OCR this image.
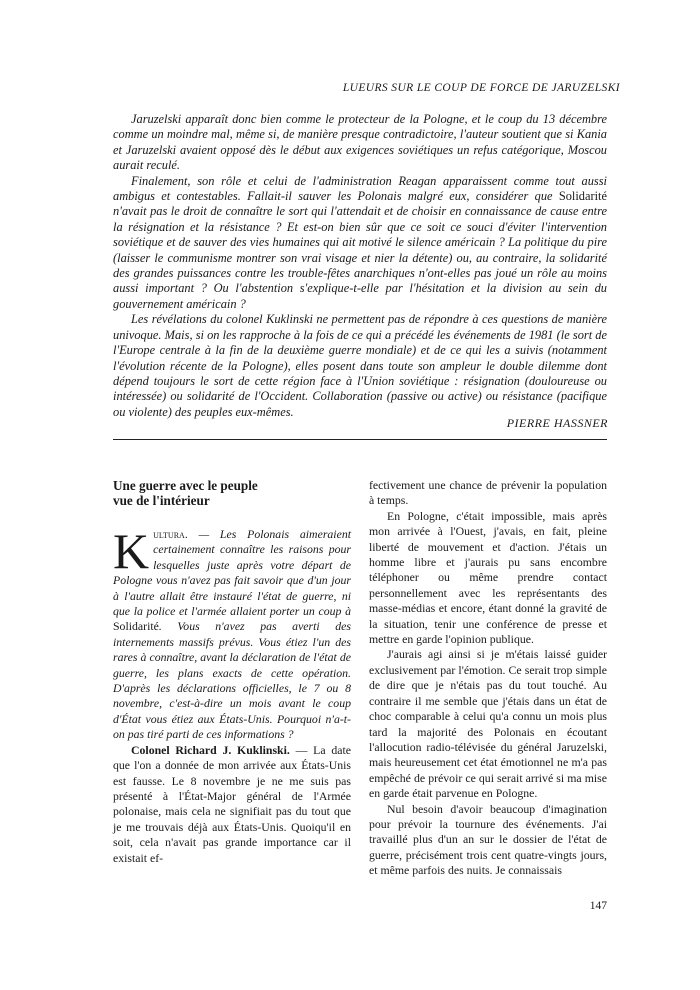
LUEURS SUR LE COUP DE FORCE DE JARUZELSKI

Jaruzelski apparaît donc bien comme le protecteur de la Pologne, et le coup du 13 décembre comme un moindre mal, même si, de manière presque contradictoire, l'auteur soutient que si Kania et Jaruzelski avaient opposé dès le début aux exigences soviétiques un refus catégorique, Moscou aurait reculé.

Finalement, son rôle et celui de l'administration Reagan apparaissent comme tout aussi ambigus et contestables. Fallait-il sauver les Polonais malgré eux, considérer que Solidarité n'avait pas le droit de connaître le sort qui l'attendait et de choisir en connaissance de cause entre la résignation et la résistance ? Et est-on bien sûr que ce soit ce souci d'éviter l'intervention soviétique et de sauver des vies humaines qui ait motivé le silence américain ? La politique du pire (laisser le communisme montrer son vrai visage et nier la détente) ou, au contraire, la solidarité des grandes puissances contre les trouble-fêtes anarchiques n'ont-elles pas joué un rôle au moins aussi important ? Ou l'abstention s'explique-t-elle par l'hésitation et la division au sein du gouvernement américain ?

Les révélations du colonel Kuklinski ne permettent pas de répondre à ces questions de manière univoque. Mais, si on les rapproche à la fois de ce qui a précédé les événements de 1981 (le sort de l'Europe centrale à la fin de la deuxième guerre mondiale) et de ce qui les a suivis (notamment l'évolution récente de la Pologne), elles posent dans toute son ampleur le double dilemme dont dépend toujours le sort de cette région face à l'Union soviétique : résignation (douloureuse ou intéressée) ou solidarité de l'Occident. Collaboration (passive ou active) ou résistance (pacifique ou violente) des peuples eux-mêmes.

PIERRE HASSNER
Une guerre avec le peuple
vue de l'intérieur

Kultura. — Les Polonais aimeraient certainement connaître les raisons pour lesquelles juste après votre départ de Pologne vous n'avez pas fait savoir que d'un jour à l'autre allait être instauré l'état de guerre, ni que la police et l'armée allaient porter un coup à Solidarité. Vous n'avez pas averti des internements massifs prévus. Vous étiez l'un des rares à connaître, avant la déclaration de l'état de guerre, les plans exacts de cette opération. D'après les déclarations officielles, le 7 ou 8 novembre, c'est-à-dire un mois avant le coup d'État vous étiez aux États-Unis. Pourquoi n'a-t-on pas tiré parti de ces informations ?

Colonel Richard J. Kuklinski. — La date que l'on a donnée de mon arrivée aux États-Unis est fausse. Le 8 novembre je ne me suis pas présenté à l'État-Major général de l'Armée polonaise, mais cela ne signifiait pas du tout que je me trouvais déjà aux États-Unis. Quoiqu'il en soit, cela n'avait pas grande importance car il existait ef-

fectivement une chance de prévenir la population à temps.

En Pologne, c'était impossible, mais après mon arrivée à l'Ouest, j'avais, en fait, pleine liberté de mouvement et d'action. J'étais un homme libre et j'aurais pu sans encombre téléphoner ou même prendre contact personnellement avec les représentants des masse-médias et encore, étant donné la gravité de la situation, tenir une conférence de presse et mettre en garde l'opinion publique.

J'aurais agi ainsi si je m'étais laissé guider exclusivement par l'émotion. Ce serait trop simple de dire que je n'étais pas du tout touché. Au contraire il me semble que j'étais dans un état de choc comparable à celui qu'a connu un mois plus tard la majorité des Polonais en écoutant l'allocution radio-télévisée du général Jaruzelski, mais heureusement cet état émotionnel ne m'a pas empêché de prévoir ce qui serait arrivé si ma mise en garde était parvenue en Pologne.

Nul besoin d'avoir beaucoup d'imagination pour prévoir la tournure des événements. J'ai travaillé plus d'un an sur le dossier de l'état de guerre, précisément trois cent quatre-vingts jours, et même parfois des nuits. Je connaissais

147
